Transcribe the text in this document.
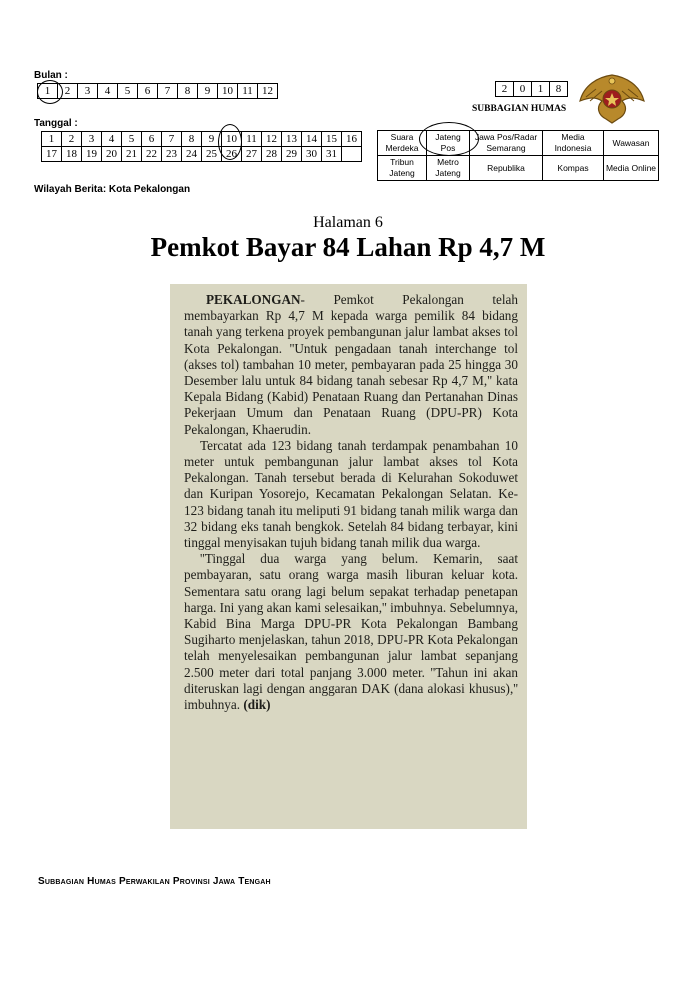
Bulan :
1	2	3	4	5	6	7	8	9	10	11	12
Tanggal :
1	2	3	4	5	6	7	8	9	10	11	12	13	14	15	16
17	18	19	20	21	22	23	24	25	26	27	28	29	30	31	
Wilayah Berita: Kota Pekalongan
2	0	1	8
SUBBAGIAN HUMAS
Suara Merdeka	Jateng Pos	Jawa Pos/Radar Semarang	Media Indonesia	Wawasan
Tribun Jateng	Metro Jateng	Republika	Kompas	Media Online
Halaman 6
Pemkot Bayar 84 Lahan Rp 4,7 M

PEKALONGAN- Pemkot Pekalongan telah membayarkan Rp 4,7 M kepada warga pemilik 84 bidang tanah yang terkena proyek pembangunan jalur lambat akses tol Kota Pekalongan. ''Untuk pengadaan tanah interchange tol (akses tol) tambahan 10 meter, pembayaran pada 25 hingga 30 Desember lalu untuk 84 bidang tanah sebesar Rp 4,7 M,'' kata Kepala Bidang (Kabid) Penataan Ruang dan Pertanahan Dinas Pekerjaan Umum dan Penataan Ruang (DPU-PR) Kota Pekalongan, Khaerudin.

Tercatat ada 123 bidang tanah terdampak penambahan 10 meter untuk pembangunan jalur lambat akses tol Kota Pekalongan. Tanah tersebut berada di Kelurahan Sokoduwet dan Kuripan Yosorejo, Kecamatan Pekalongan Selatan. Ke-123 bidang tanah itu meliputi 91 bidang tanah milik warga dan 32 bidang eks tanah bengkok. Setelah 84 bidang terbayar, kini tinggal menyisakan tujuh bidang tanah milik dua warga.

''Tinggal dua warga yang belum. Kemarin, saat pembayaran, satu orang warga masih liburan keluar kota. Sementara satu orang lagi belum sepakat terhadap penetapan harga. Ini yang akan kami selesaikan,'' imbuhnya. Sebelumnya, Kabid Bina Marga DPU-PR Kota Pekalongan Bambang Sugiharto menjelaskan, tahun 2018, DPU-PR Kota Pekalongan telah menyelesaikan pembangunan jalur lambat sepanjang 2.500 meter dari total panjang 3.000 meter. ''Tahun ini akan diteruskan lagi dengan anggaran DAK (dana alokasi khusus),'' imbuhnya. (dik)

Subbagian Humas Perwakilan Provinsi Jawa Tengah
